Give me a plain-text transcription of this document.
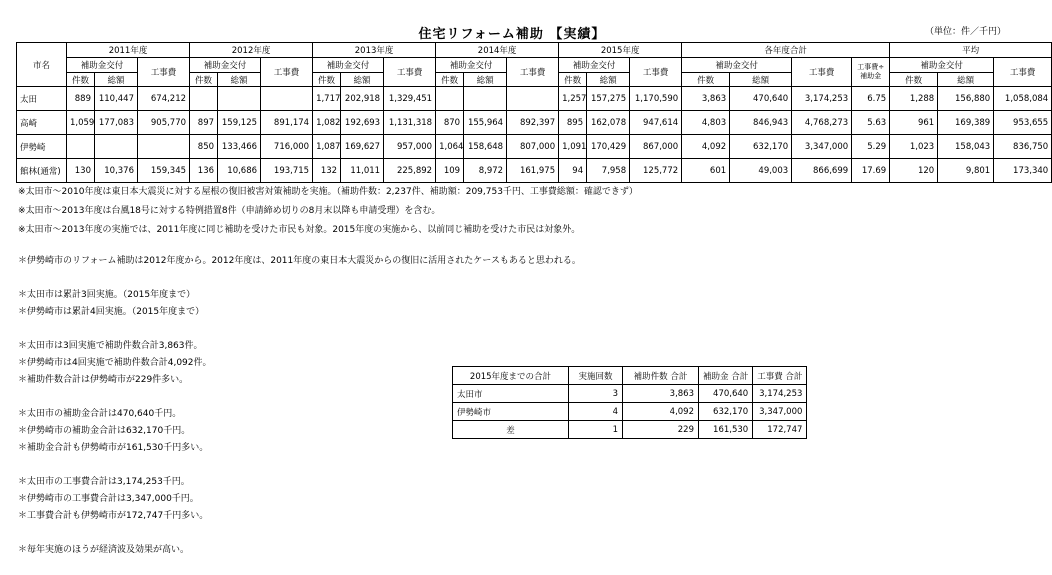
住宅リフォーム補助 【実績】	（単位：件／千円）
市名	2011年度			2012年度			2013年度			2014年度			2015年度			各年度合計				平均		
	補助金交付		工事費	補助金交付		工事費	補助金交付		工事費	補助金交付		工事費	補助金交付		工事費	補助金交付		工事費	工事費÷補助金	補助金交付		工事費
	件数	総額		件数	総額		件数	総額		件数	総額		件数	総額		件数	総額			件数	総額	
太田	889	110,447	674,212				1,717	202,918	1,329,451				1,257	157,275	1,170,590	3,863	470,640	3,174,253	6.75	1,288	156,880	1,058,084
高崎	1,059	177,083	905,770	897	159,125	891,174	1,082	192,693	1,131,318	870	155,964	892,397	895	162,078	947,614	4,803	846,943	4,768,273	5.63	961	169,389	953,655
伊勢崎				850	133,466	716,000	1,087	169,627	957,000	1,064	158,648	807,000	1,091	170,429	867,000	4,092	632,170	3,347,000	5.29	1,023	158,043	836,750
館林(通常)	130	10,376	159,345	136	10,686	193,715	132	11,011	225,892	109	8,972	161,975	94	7,958	125,772	601	49,003	866,699	17.69	120	9,801	173,340
※太田市～2010年度は東日本大震災に対する屋根の復旧被害対策補助を実施。（補助件数：2,237件、補助額：209,753千円、工事費総額：確認できず）
※太田市～2013年度は台風18号に対する特例措置8件（申請締め切りの8月末以降も申請受理）を含む。
※太田市～2013年度の実施では、2011年度に同じ補助を受けた市民も対象。2015年度の実施から、以前同じ補助を受けた市民は対象外。
＊伊勢崎市のリフォーム補助は2012年度から。2012年度は、2011年度の東日本大震災からの復旧に活用されたケースもあると思われる。
＊太田市は累計3回実施。（2015年度まで）
＊伊勢崎市は累計4回実施。（2015年度まで）
＊太田市は3回実施で補助件数合計3,863件。
＊伊勢崎市は4回実施で補助件数合計4,092件。
＊補助件数合計は伊勢崎市が229件多い。
＊太田市の補助金合計は470,640千円。
＊伊勢崎市の補助金合計は632,170千円。
＊補助金合計も伊勢崎市が161,530千円多い。
＊太田市の工事費合計は3,174,253千円。
＊伊勢崎市の工事費合計は3,347,000千円。
＊工事費合計も伊勢崎市が172,747千円多い。
＊毎年実施のほうが経済波及効果が高い。
2015年度までの合計	実施回数	補助件数 合計	補助金 合計	工事費 合計
太田市	3	3,863	470,640	3,174,253
伊勢崎市	4	4,092	632,170	3,347,000
差	1	229	161,530	172,747
